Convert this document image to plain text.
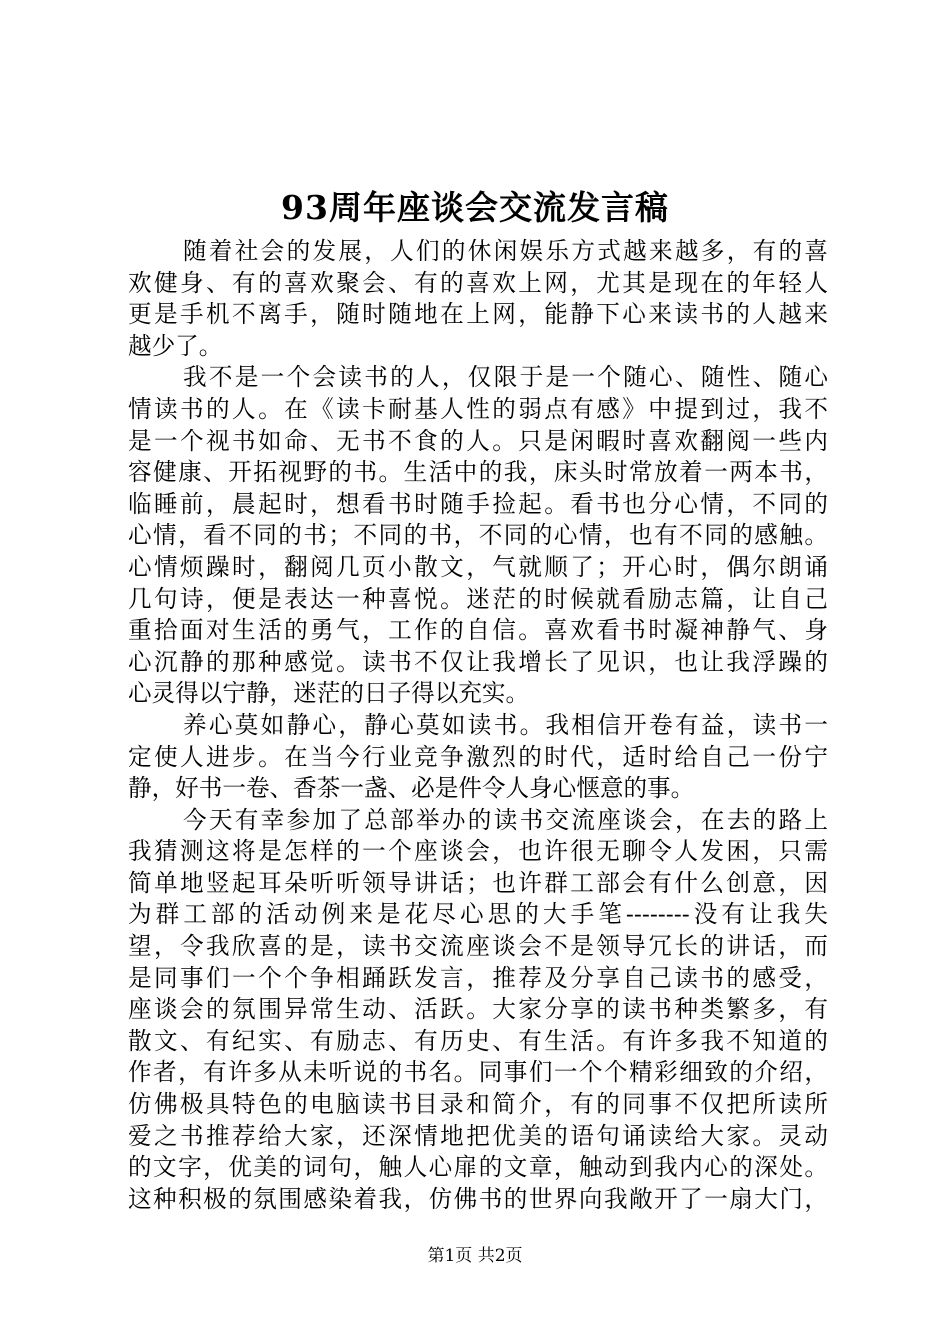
93周年座谈会交流发言稿
随着社会的发展，人们的休闲娱乐方式越来越多，有的喜
欢健身、有的喜欢聚会、有的喜欢上网，尤其是现在的年轻人
更是手机不离手，随时随地在上网，能静下心来读书的人越来
越少了。
我不是一个会读书的人，仅限于是一个随心、随性、随心
情读书的人。在《读卡耐基人性的弱点有感》中提到过，我不
是一个视书如命、无书不食的人。只是闲暇时喜欢翻阅一些内
容健康、开拓视野的书。生活中的我，床头时常放着一两本书，
临睡前，晨起时，想看书时随手捡起。看书也分心情，不同的
心情，看不同的书；不同的书，不同的心情，也有不同的感触。
心情烦躁时，翻阅几页小散文，气就顺了；开心时，偶尔朗诵
几句诗，便是表达一种喜悦。迷茫的时候就看励志篇，让自己
重拾面对生活的勇气，工作的自信。喜欢看书时凝神静气、身
心沉静的那种感觉。读书不仅让我增长了见识，也让我浮躁的
心灵得以宁静，迷茫的日子得以充实。
养心莫如静心，静心莫如读书。我相信开卷有益，读书一
定使人进步。在当今行业竞争激烈的时代，适时给自己一份宁
静，好书一卷、香茶一盏、必是件令人身心惬意的事。
今天有幸参加了总部举办的读书交流座谈会，在去的路上
我猜测这将是怎样的一个座谈会，也许很无聊令人发困，只需
简单地竖起耳朵听听领导讲话；也许群工部会有什么创意，因
为群工部的活动例来是花尽心思的大手笔--------没有让我失
望，令我欣喜的是，读书交流座谈会不是领导冗长的讲话，而
是同事们一个个争相踊跃发言，推荐及分享自己读书的感受，
座谈会的氛围异常生动、活跃。大家分享的读书种类繁多，有
散文、有纪实、有励志、有历史、有生活。有许多我不知道的
作者，有许多从未听说的书名。同事们一个个精彩细致的介绍，
仿佛极具特色的电脑读书目录和简介，有的同事不仅把所读所
爱之书推荐给大家，还深情地把优美的语句诵读给大家。灵动
的文字，优美的词句，触人心扉的文章，触动到我内心的深处。
这种积极的氛围感染着我，仿佛书的世界向我敞开了一扇大门，
第1页 共2页
